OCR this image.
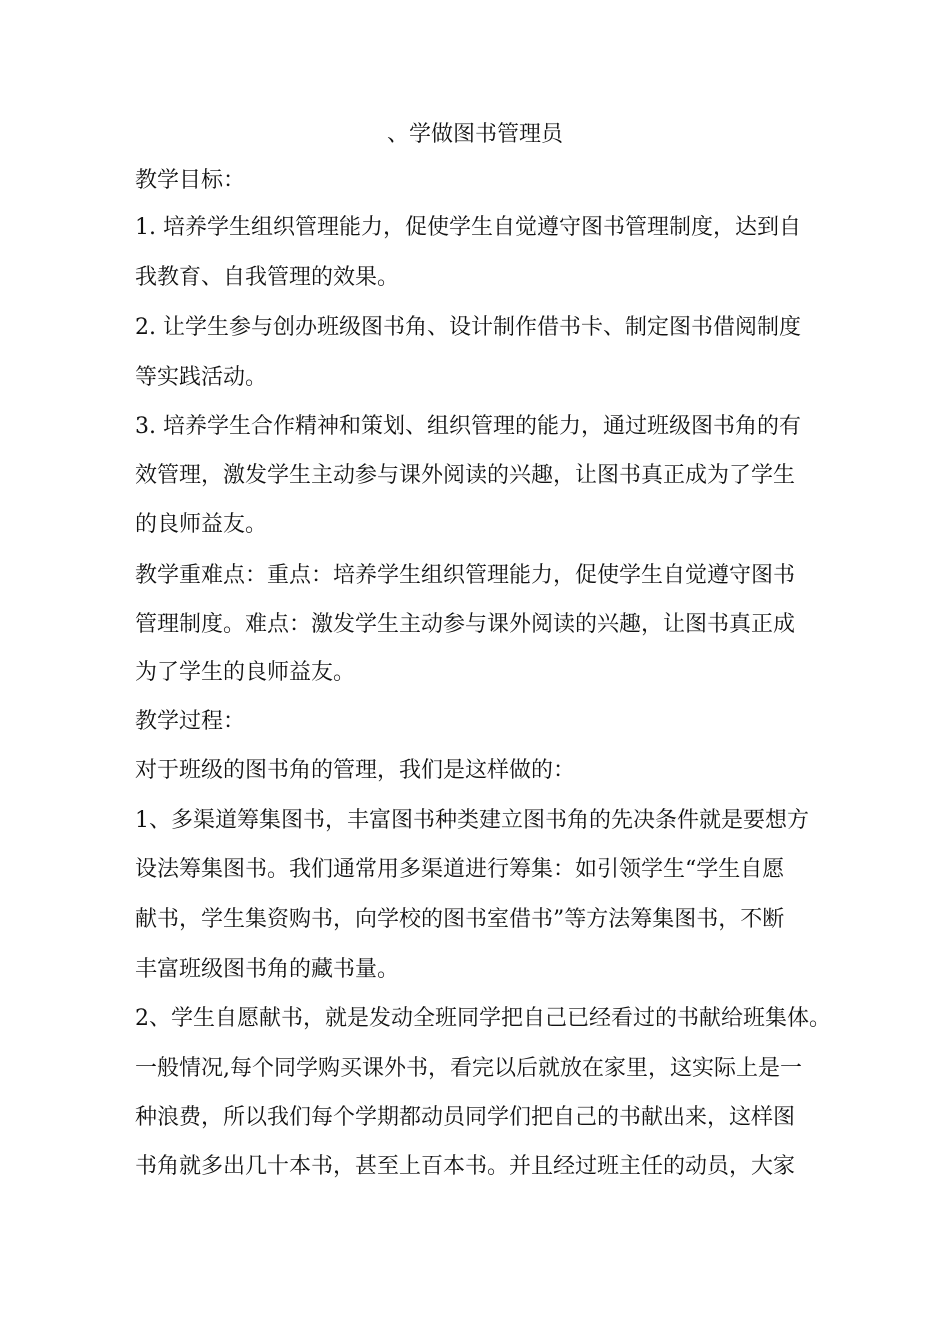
、学做图书管理员
教学目标：
1. 培养学生组织管理能力，促使学生自觉遵守图书管理制度，达到自
我教育、自我管理的效果。
2. 让学生参与创办班级图书角、设计制作借书卡、制定图书借阅制度
等实践活动。
3. 培养学生合作精神和策划、组织管理的能力，通过班级图书角的有
效管理，激发学生主动参与课外阅读的兴趣，让图书真正成为了学生
的良师益友。
教学重难点：重点：培养学生组织管理能力，促使学生自觉遵守图书
管理制度。难点：激发学生主动参与课外阅读的兴趣，让图书真正成
为了学生的良师益友。
教学过程：
对于班级的图书角的管理，我们是这样做的：
1、多渠道筹集图书，丰富图书种类建立图书角的先决条件就是要想方
设法筹集图书。我们通常用多渠道进行筹集：如引领学生“学生自愿
献书，学生集资购书，向学校的图书室借书”等方法筹集图书，不断
丰富班级图书角的藏书量。
2、学生自愿献书，就是发动全班同学把自己已经看过的书献给班集体。
一般情况,每个同学购买课外书，看完以后就放在家里，这实际上是一
种浪费，所以我们每个学期都动员同学们把自己的书献出来，这样图
书角就多出几十本书，甚至上百本书。并且经过班主任的动员，大家
